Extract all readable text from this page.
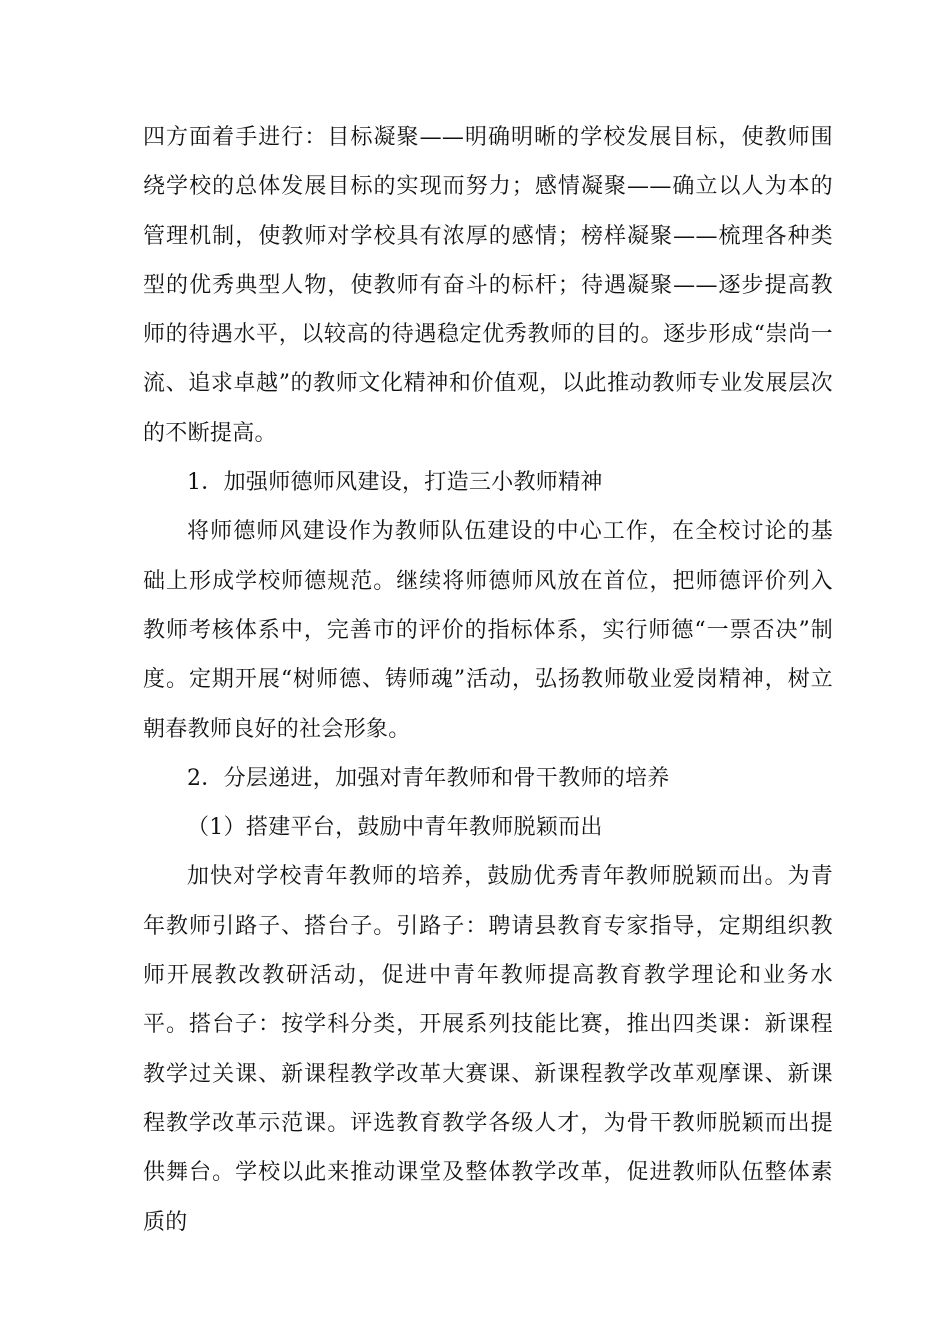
四方面着手进行：目标凝聚——明确明晰的学校发展目标，使教师围绕学校的总体发展目标的实现而努力；感情凝聚——确立以人为本的管理机制，使教师对学校具有浓厚的感情；榜样凝聚——梳理各种类型的优秀典型人物，使教师有奋斗的标杆；待遇凝聚——逐步提高教师的待遇水平，以较高的待遇稳定优秀教师的目的。逐步形成“崇尚一流、追求卓越”的教师文化精神和价值观，以此推动教师专业发展层次的不断提高。

1．加强师德师风建设，打造三小教师精神

将师德师风建设作为教师队伍建设的中心工作，在全校讨论的基础上形成学校师德规范。继续将师德师风放在首位，把师德评价列入教师考核体系中，完善市的评价的指标体系，实行师德“一票否决”制度。定期开展“树师德、铸师魂”活动，弘扬教师敬业爱岗精神，树立朝春教师良好的社会形象。

2．分层递进，加强对青年教师和骨干教师的培养

（1）搭建平台，鼓励中青年教师脱颖而出

加快对学校青年教师的培养，鼓励优秀青年教师脱颖而出。为青年教师引路子、搭台子。引路子：聘请县教育专家指导，定期组织教师开展教改教研活动，促进中青年教师提高教育教学理论和业务水平。搭台子：按学科分类，开展系列技能比赛，推出四类课：新课程教学过关课、新课程教学改革大赛课、新课程教学改革观摩课、新课程教学改革示范课。评选教育教学各级人才，为骨干教师脱颖而出提供舞台。学校以此来推动课堂及整体教学改革，促进教师队伍整体素质的
